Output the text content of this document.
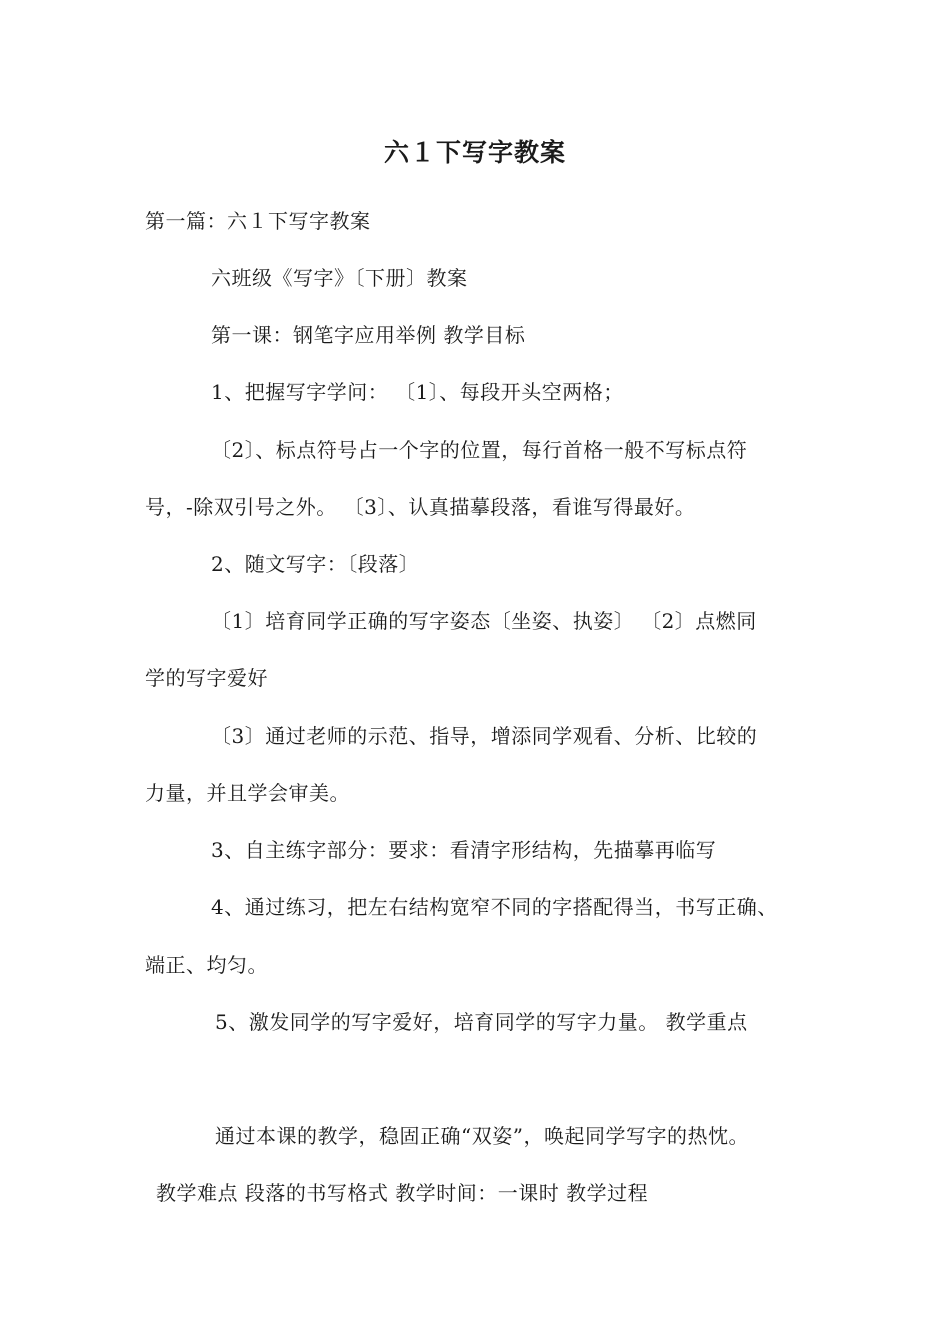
六１下写字教案
第一篇：六１下写字教案
六班级《写字》〔下册〕教案
第一课：钢笔字应用举例 教学目标
1、把握写字学问： 〔1〕、每段开头空两格；
〔2〕、标点符号占一个字的位置，每行首格一般不写标点符
号，-除双引号之外。 〔3〕、认真描摹段落，看谁写得最好。
2、随文写字：〔段落〕
〔1〕培育同学正确的写字姿态〔坐姿、执姿〕 〔2〕点燃同
学的写字爱好
〔3〕通过老师的示范、指导，增添同学观看、分析、比较的
力量，并且学会审美。
3、自主练字部分：要求：看清字形结构，先描摹再临写
4、通过练习，把左右结构宽窄不同的字搭配得当，书写正确、
端正、均匀。
5、激发同学的写字爱好，培育同学的写字力量。 教学重点
通过本课的教学，稳固正确“双姿”，唤起同学写字的热忱。
教学难点 段落的书写格式 教学时间：一课时 教学过程
